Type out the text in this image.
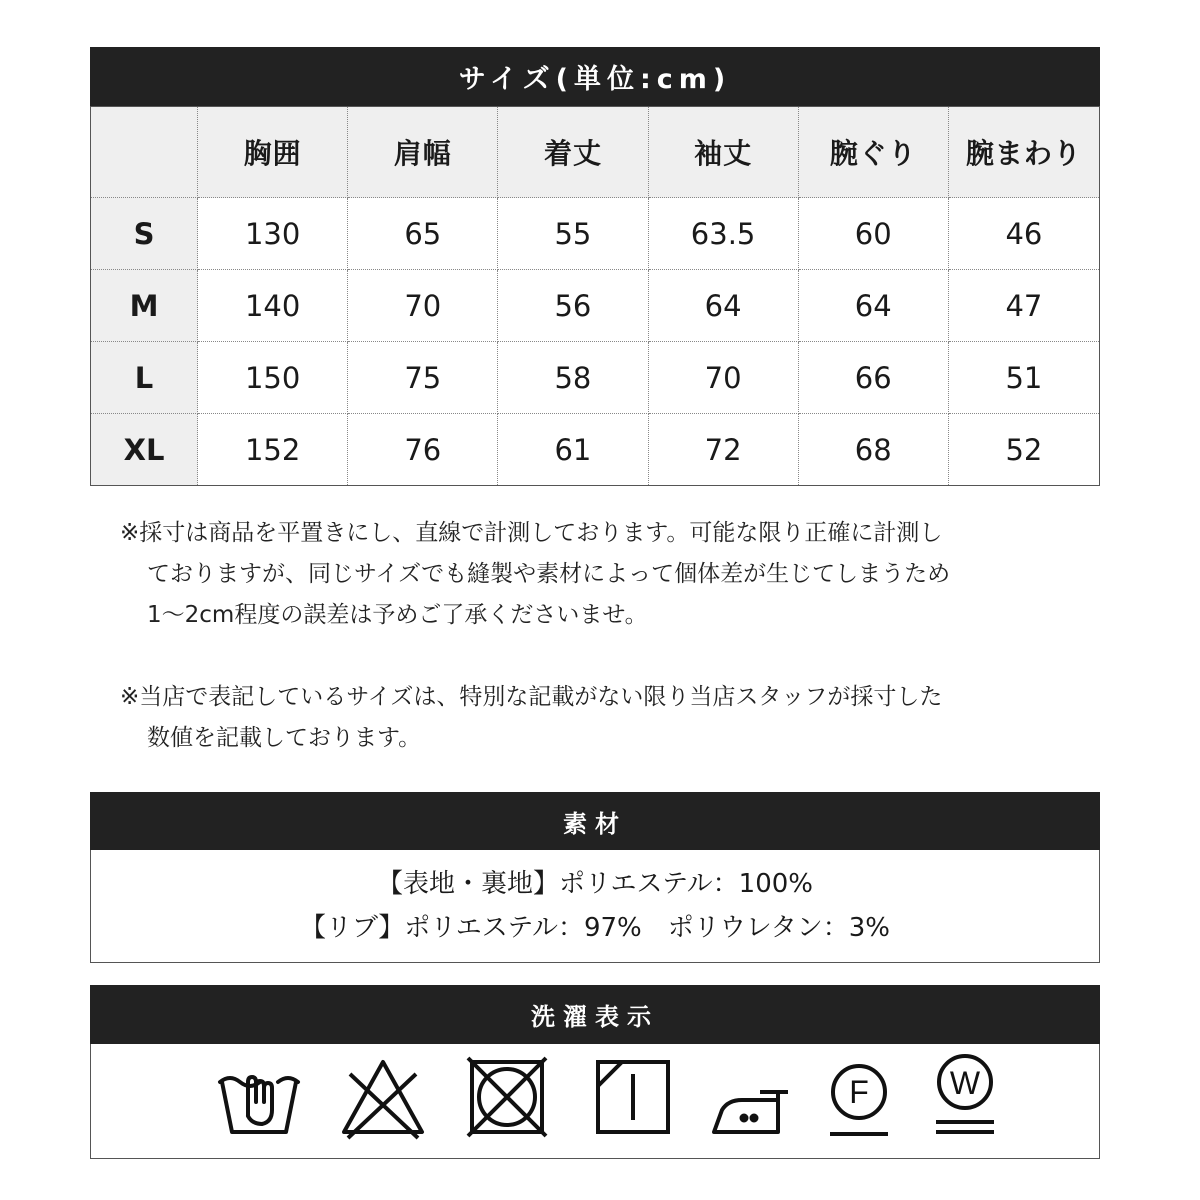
サイズ(単位:cm)
	胸囲	肩幅	着丈	袖丈	腕ぐり	腕まわり
S	130	65	55	63.5	60	46
M	140	70	56	64	64	47
L	150	75	58	70	66	51
XL	152	76	61	72	68	52

※採寸は商品を平置きにし、直線で計測しております。可能な限り正確に計測し

ておりますが、同じサイズでも縫製や素材によって個体差が生じてしまうため

1～2cm程度の誤差は予めご了承くださいませ。

※当店で表記しているサイズは、特別な記載がない限り当店スタッフが採寸した

数値を記載しております。

素材

【表地・裏地】ポリエステル：100%

【リブ】ポリエステル：97%　ポリウレタン：3%

洗濯表示
F	W
